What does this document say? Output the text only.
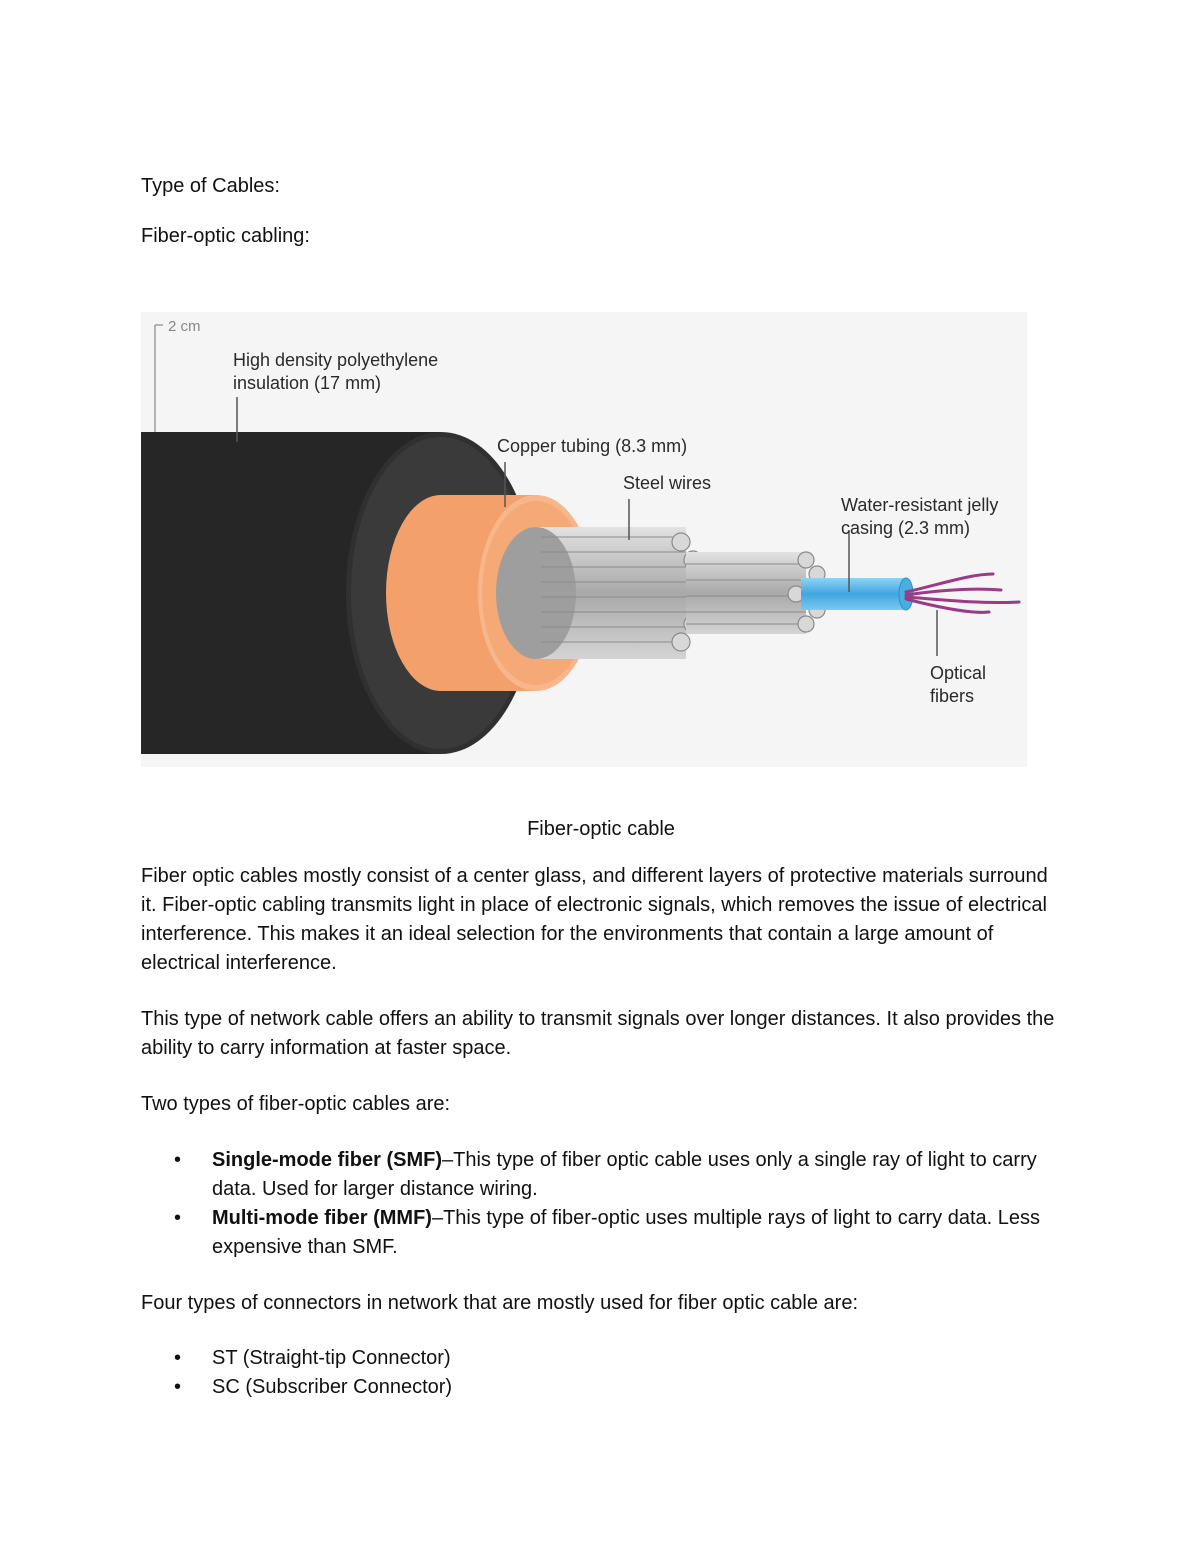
Type of Cables:
Fiber-optic cabling:
2 cm
High density polyethylene
insulation (17 mm)
Copper tubing (8.3 mm)
Steel wires
Water-resistant jelly
casing (2.3 mm)
Optical
fibers
Fiber-optic cable
Fiber optic cables mostly consist of a center glass, and different layers of protective materials surround it. Fiber-optic cabling transmits light in place of electronic signals, which removes the issue of electrical interference. This makes it an ideal selection for the environments that contain a large amount of electrical interference.
This type of network cable offers an ability to transmit signals over longer distances. It also provides the ability to carry information at faster space.
Two types of fiber-optic cables are:
• Single-mode fiber (SMF)–This type of fiber optic cable uses only a single ray of light to carry data. Used for larger distance wiring.
• Multi-mode fiber (MMF)–This type of fiber-optic uses multiple rays of light to carry data. Less expensive than SMF.
Four types of connectors in network that are mostly used for fiber optic cable are:
• ST (Straight-tip Connector)
• SC (Subscriber Connector)
